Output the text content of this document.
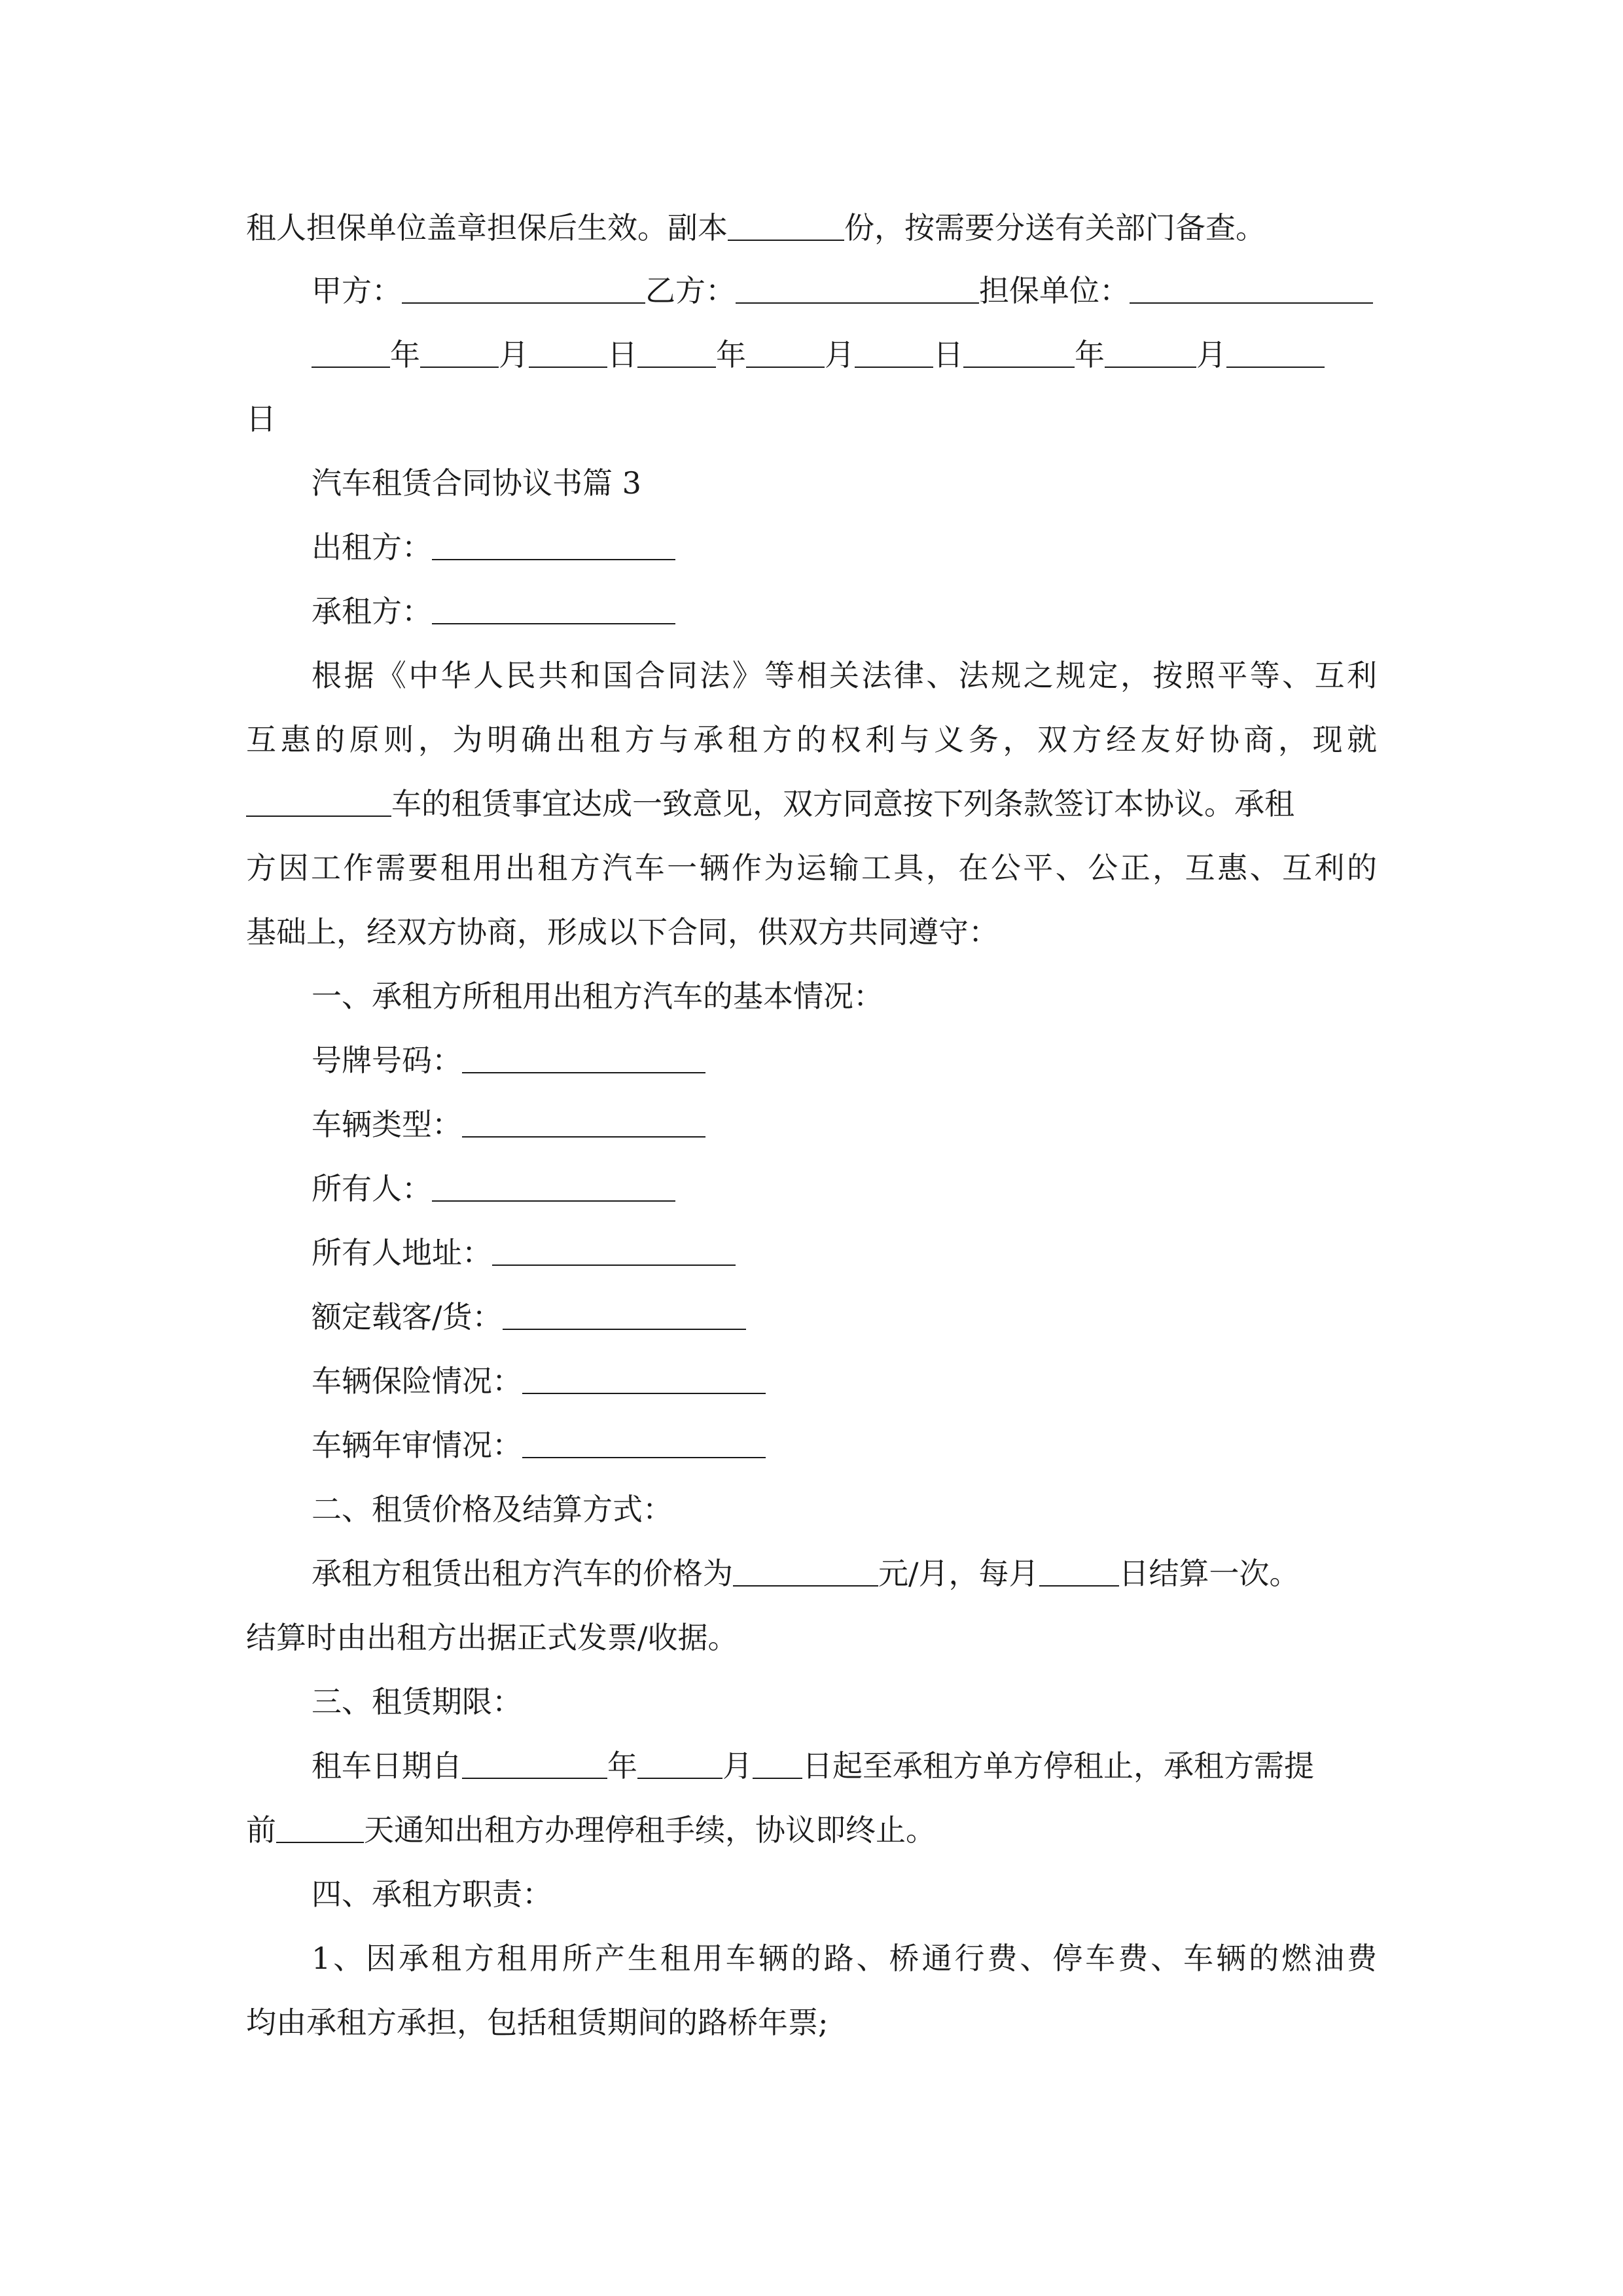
租人担保单位盖章担保后生效。副本	份，按需要分送有关部门备查。
甲方：	乙方：	担保单位：
年	月	日	年	月	日	年	月
日
汽车租赁合同协议书篇 3
出租方：
承租方：
根据《中华人民共和国合同法》等相关法律、法规之规定，按照平等、互利
互惠的原则，为明确出租方与承租方的权利与义务，双方经友好协商，现就
车的租赁事宜达成一致意见，双方同意按下列条款签订本协议。承租
方因工作需要租用出租方汽车一辆作为运输工具，在公平、公正，互惠、互利的
基础上，经双方协商，形成以下合同，供双方共同遵守：
一、承租方所租用出租方汽车的基本情况：
号牌号码：
车辆类型：
所有人：
所有人地址：
额定载客/货：
车辆保险情况：
车辆年审情况：
二、租赁价格及结算方式：
承租方租赁出租方汽车的价格为	元/月，每月	日结算一次。
结算时由出租方出据正式发票/收据。
三、租赁期限：
租车日期自	年	月 日起至承租方单方停租止，承租方需提
前	天通知出租方办理停租手续，协议即终止。
四、承租方职责：
1、因承租方租用所产生租用车辆的路、桥通行费、停车费、车辆的燃油费
均由承租方承担，包括租赁期间的路桥年票;
